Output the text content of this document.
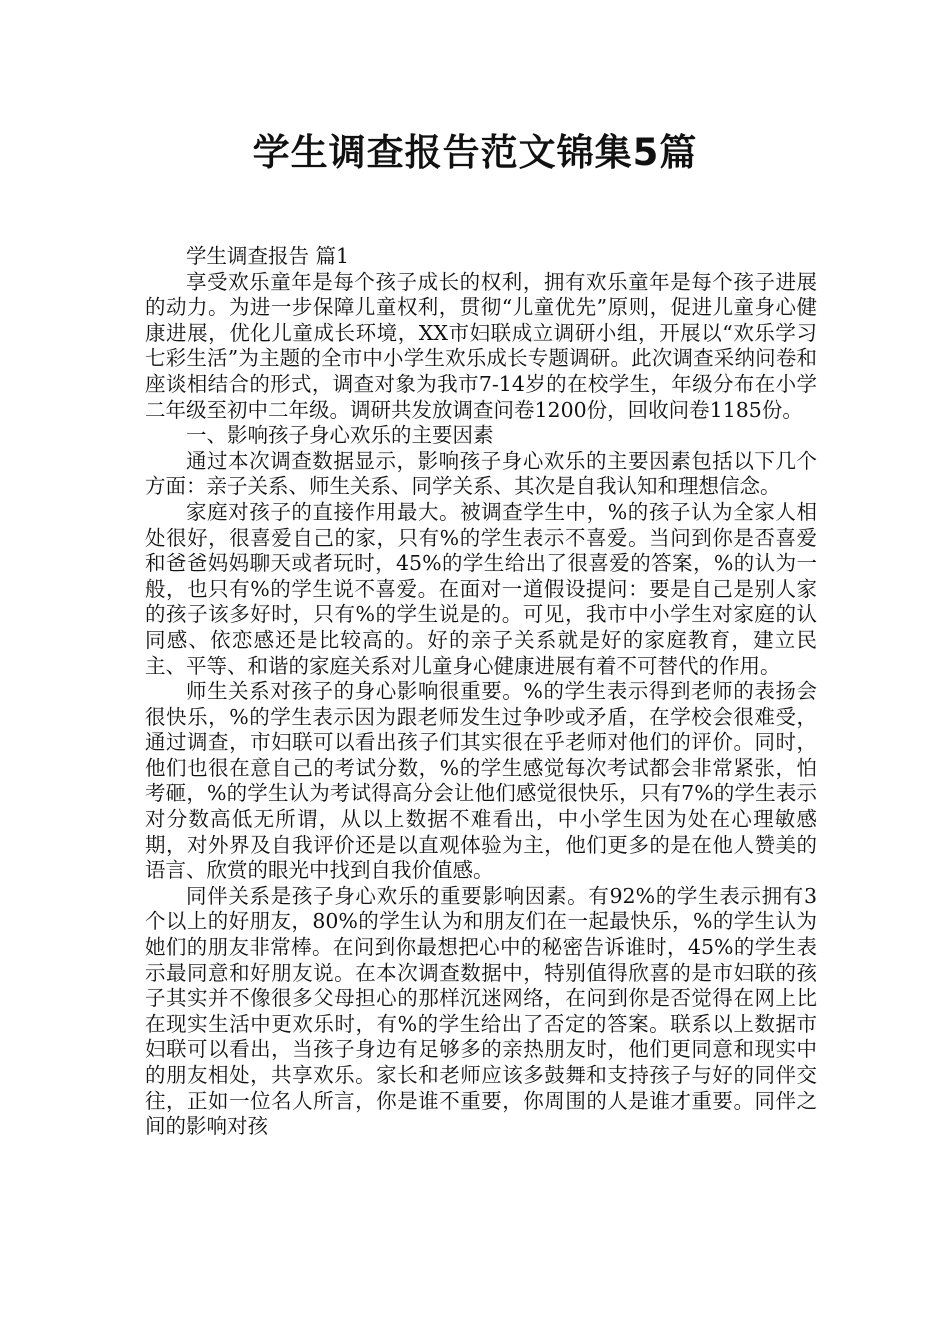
学生调查报告范文锦集5篇

学生调查报告 篇1

享受欢乐童年是每个孩子成长的权利，拥有欢乐童年是每个孩子进展的动力。为进一步保障儿童权利，贯彻“儿童优先”原则，促进儿童身心健康进展，优化儿童成长环境，XX市妇联成立调研小组，开展以“欢乐学习 七彩生活”为主题的全市中小学生欢乐成长专题调研。此次调查采纳问卷和座谈相结合的形式，调查对象为我市7-14岁的在校学生，年级分布在小学二年级至初中二年级。调研共发放调查问卷1200份，回收问卷1185份。

一、影响孩子身心欢乐的主要因素

通过本次调查数据显示，影响孩子身心欢乐的主要因素包括以下几个方面：亲子关系、师生关系、同学关系、其次是自我认知和理想信念。

家庭对孩子的直接作用最大。被调查学生中，%的孩子认为全家人相处很好，很喜爱自己的家，只有%的学生表示不喜爱。当问到你是否喜爱和爸爸妈妈聊天或者玩时，45%的学生给出了很喜爱的答案，%的认为一般，也只有%的学生说不喜爱。在面对一道假设提问：要是自己是别人家的孩子该多好时，只有%的学生说是的。可见，我市中小学生对家庭的认同感、依恋感还是比较高的。好的亲子关系就是好的家庭教育，建立民主、平等、和谐的家庭关系对儿童身心健康进展有着不可替代的作用。

师生关系对孩子的身心影响很重要。%的学生表示得到老师的表扬会很快乐，%的学生表示因为跟老师发生过争吵或矛盾，在学校会很难受，通过调查，市妇联可以看出孩子们其实很在乎老师对他们的评价。同时，他们也很在意自己的考试分数，%的学生感觉每次考试都会非常紧张，怕考砸，%的学生认为考试得高分会让他们感觉很快乐，只有7%的学生表示对分数高低无所谓，从以上数据不难看出，中小学生因为处在心理敏感期，对外界及自我评价还是以直观体验为主，他们更多的是在他人赞美的语言、欣赏的眼光中找到自我价值感。

同伴关系是孩子身心欢乐的重要影响因素。有92%的学生表示拥有3个以上的好朋友，80%的学生认为和朋友们在一起最快乐，%的学生认为她们的朋友非常棒。在问到你最想把心中的秘密告诉谁时，45%的学生表示最同意和好朋友说。在本次调查数据中，特别值得欣喜的是市妇联的孩子其实并不像很多父母担心的那样沉迷网络，在问到你是否觉得在网上比在现实生活中更欢乐时，有%的学生给出了否定的答案。联系以上数据市妇联可以看出，当孩子身边有足够多的亲热朋友时，他们更同意和现实中的朋友相处，共享欢乐。家长和老师应该多鼓舞和支持孩子与好的同伴交往，正如一位名人所言，你是谁不重要，你周围的人是谁才重要。同伴之间的影响对孩
